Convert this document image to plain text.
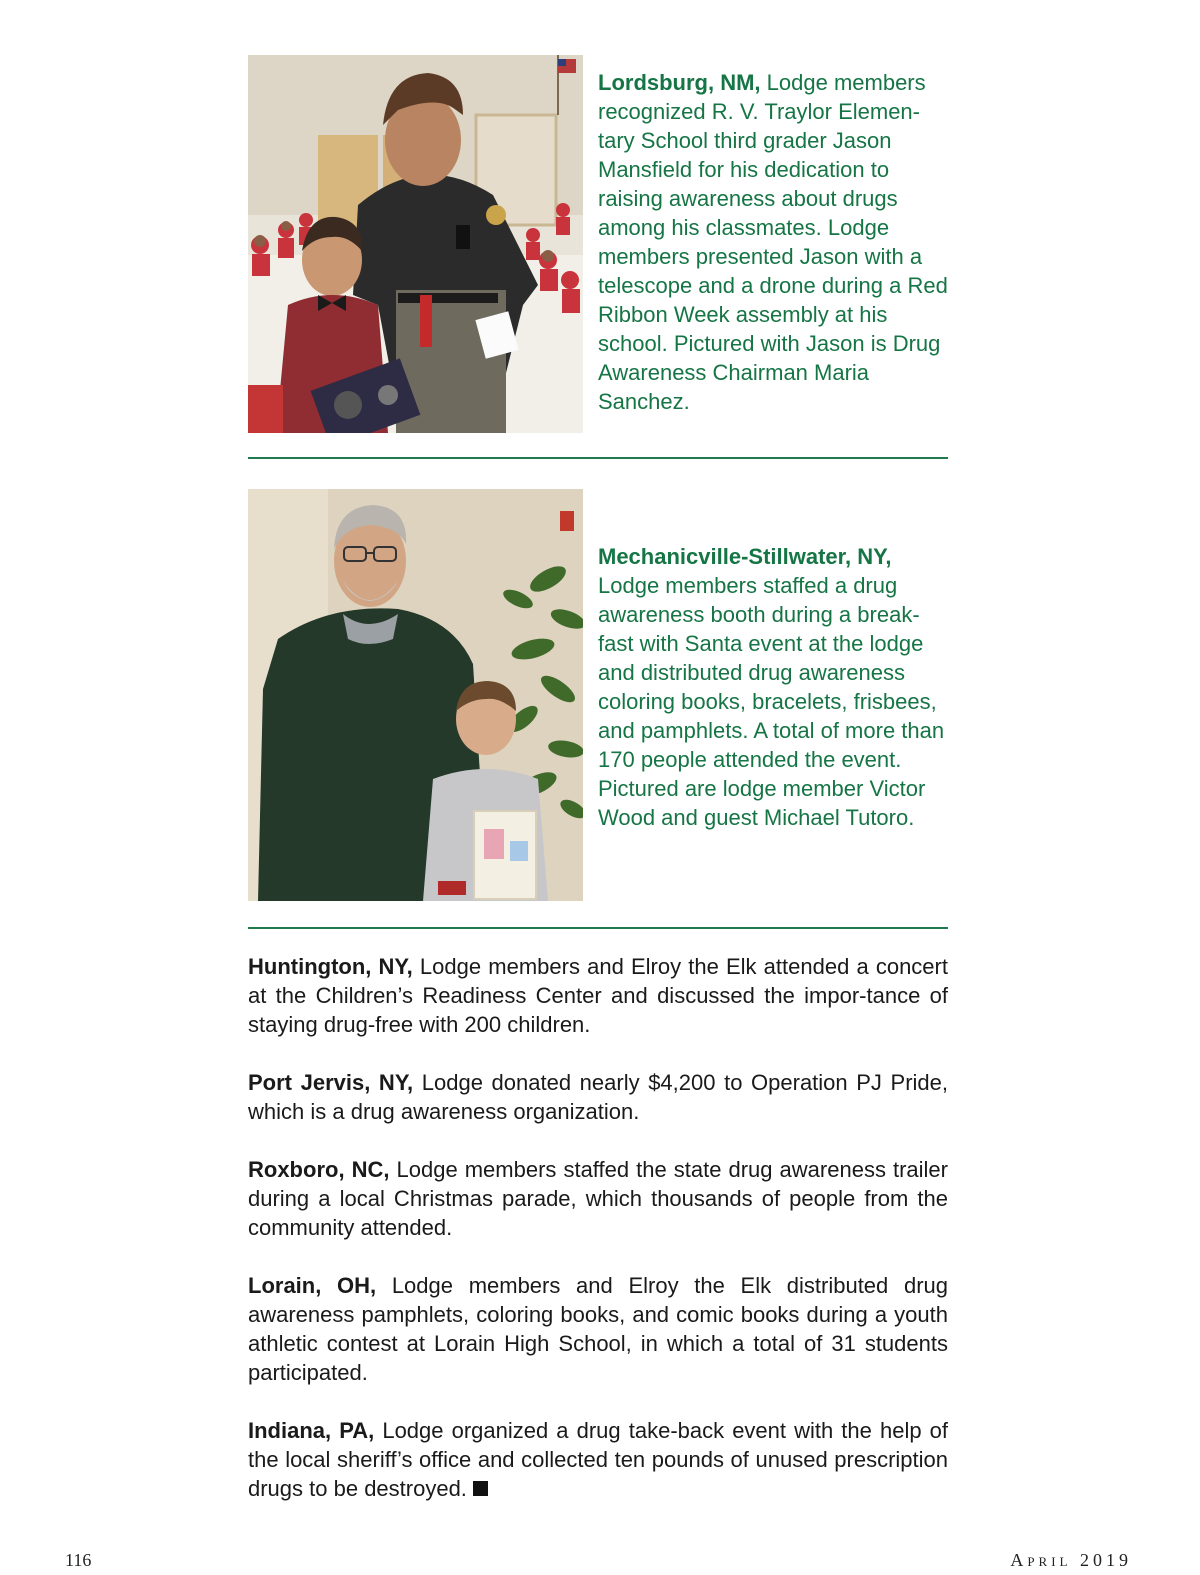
Lordsburg, NM, Lodge members recognized R. V. Traylor Elemen-tary School third grader Jason Mansfield for his dedication to raising awareness about drugs among his classmates. Lodge members presented Jason with a telescope and a drone during a Red Ribbon Week assembly at his school. Pictured with Jason is Drug Awareness Chairman Maria Sanchez.
Mechanicville-Stillwater, NY, Lodge members staffed a drug awareness booth during a break-fast with Santa event at the lodge and distributed drug awareness coloring books, bracelets, frisbees, and pamphlets. A total of more than 170 people attended the event. Pictured are lodge member Victor Wood and guest Michael Tutoro.

Huntington, NY, Lodge members and Elroy the Elk attended a concert at the Children’s Readiness Center and discussed the impor-tance of staying drug-free with 200 children.

Port Jervis, NY, Lodge donated nearly $4,200 to Operation PJ Pride, which is a drug awareness organization.

Roxboro, NC, Lodge members staffed the state drug awareness trailer during a local Christmas parade, which thousands of people from the community attended.

Lorain, OH, Lodge members and Elroy the Elk distributed drug awareness pamphlets, coloring books, and comic books during a youth athletic contest at Lorain High School, in which a total of 31 students participated.

Indiana, PA, Lodge organized a drug take-back event with the help of the local sheriff’s office and collected ten pounds of unused prescription drugs to be destroyed.

116	April 2019
